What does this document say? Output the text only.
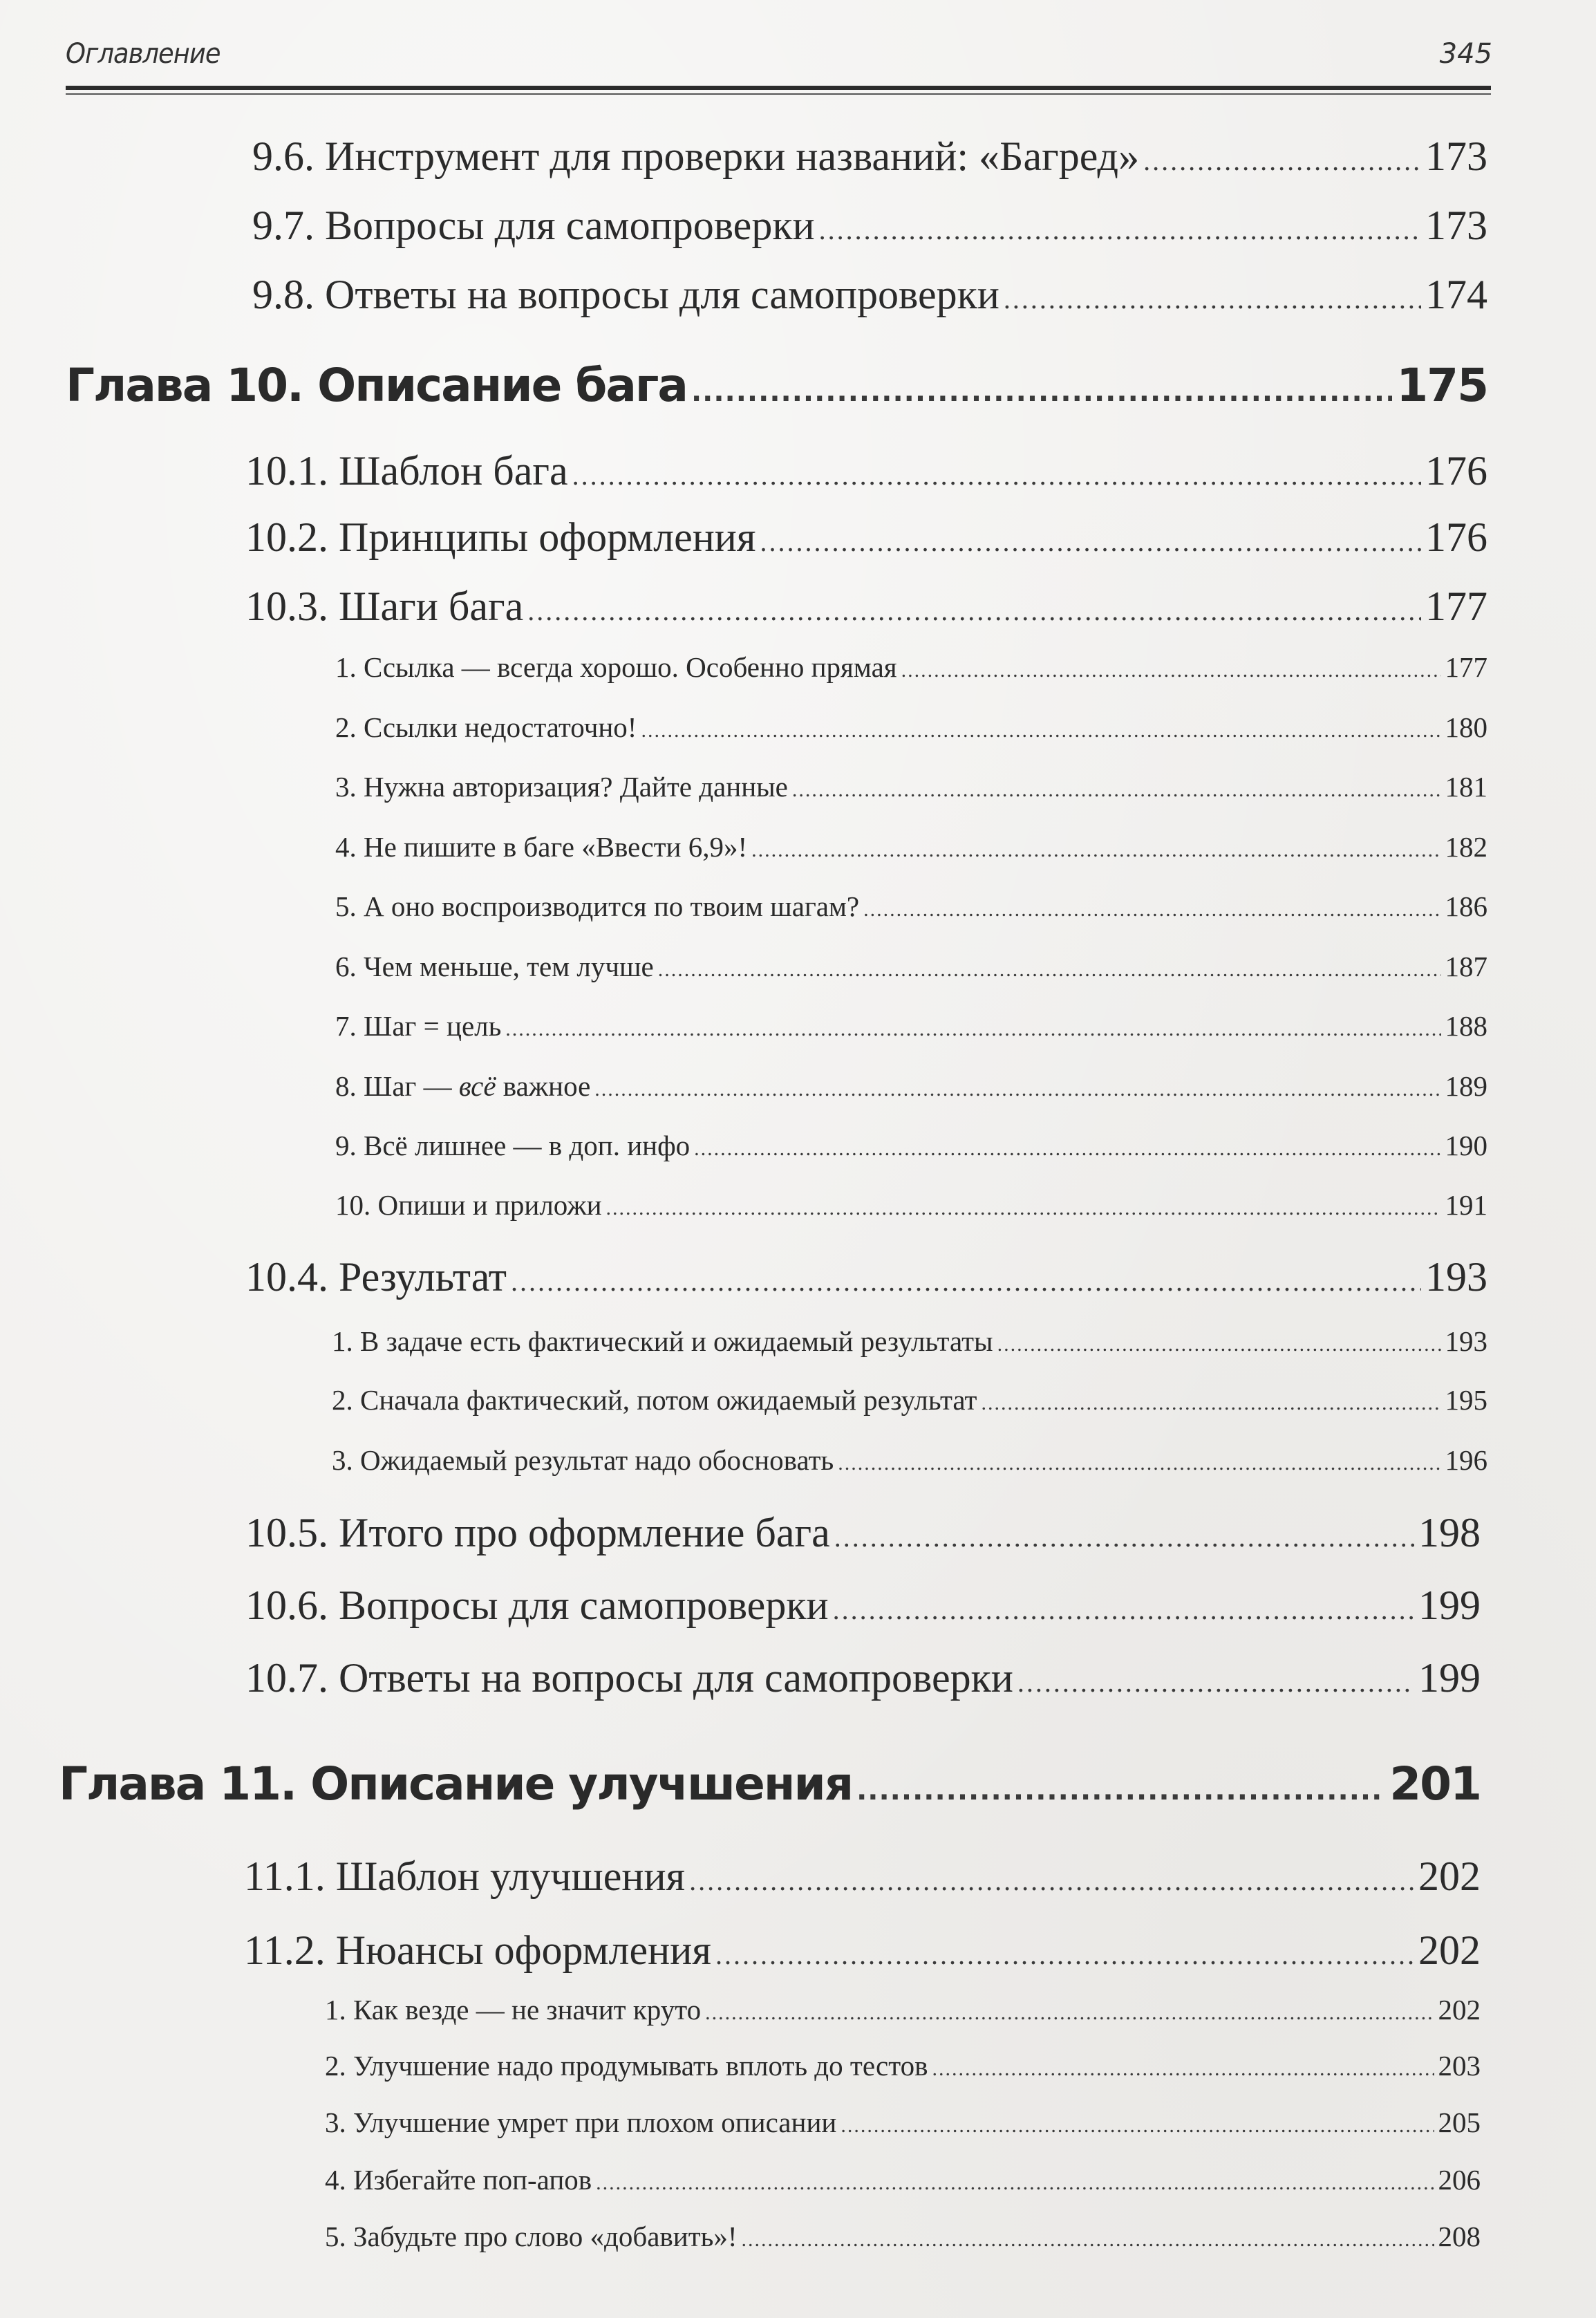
Оглавление	345
9.6. Инструмент для проверки названий: «Багред» .....	173
9.7. Вопросы для самопроверки .....	173
9.8. Ответы на вопросы для самопроверки .....	174
Глава 10. Описание бага .....	175
10.1. Шаблон бага .....	176
10.2. Принципы оформления .....	176
10.3. Шаги бага .....	177
1. Ссылка — всегда хорошо. Особенно прямая .....	177
2. Ссылки недостаточно! .....	180
3. Нужна авторизация? Дайте данные .....	181
4. Не пишите в баге «Ввести 6,9»! .....	182
5. А оно воспроизводится по твоим шагам? .....	186
6. Чем меньше, тем лучше .....	187
7. Шаг = цель .....	188
8. Шаг — всё важное .....	189
9. Всё лишнее — в доп. инфо .....	190
10. Опиши и приложи .....	191
10.4. Результат .....	193
1. В задаче есть фактический и ожидаемый результаты .....	193
2. Сначала фактический, потом ожидаемый результат .....	195
3. Ожидаемый результат надо обосновать .....	196
10.5. Итого про оформление бага .....	198
10.6. Вопросы для самопроверки .....	199
10.7. Ответы на вопросы для самопроверки .....	199
Глава 11. Описание улучшения .....	201
11.1. Шаблон улучшения .....	202
11.2. Нюансы оформления .....	202
1. Как везде — не значит круто .....	202
2. Улучшение надо продумывать вплоть до тестов .....	203
3. Улучшение умрет при плохом описании .....	205
4. Избегайте поп-апов .....	206
5. Забудьте про слово «добавить»! .....	208
